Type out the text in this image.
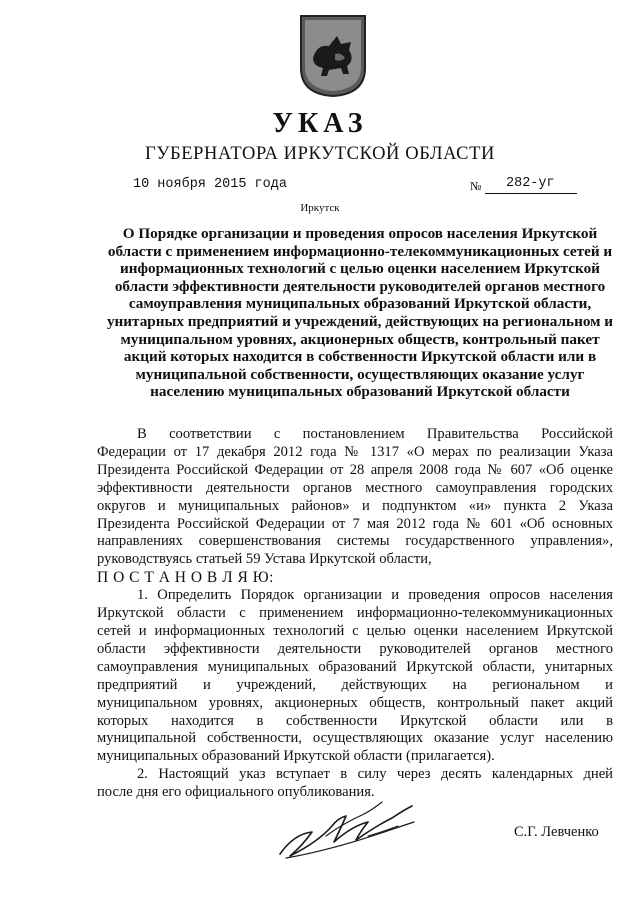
УКАЗ
ГУБЕРНАТОРА ИРКУТСКОЙ ОБЛАСТИ
10 ноября 2015 года	№ 282-уг
Иркутск
О Порядке организации и проведения опросов населения Иркутской
области с применением информационно-телекоммуникационных сетей и
информационных технологий с целью оценки населением Иркутской
области эффективности деятельности руководителей органов местного
самоуправления муниципальных образований Иркутской области,
унитарных предприятий и учреждений, действующих на региональном и
муниципальном уровнях, акционерных обществ, контрольный пакет
акций которых находится в собственности Иркутской области или в
муниципальной собственности, осуществляющих оказание услуг
населению муниципальных образований Иркутской области
В соответствии с постановлением Правительства Российской
Федерации от 17 декабря 2012 года № 1317 «О мерах по реализации Указа
Президента Российской Федерации от 28 апреля 2008 года № 607 «Об оценке
эффективности деятельности органов местного самоуправления городских
округов и муниципальных районов» и подпунктом «и» пункта 2 Указа
Президента Российской Федерации от 7 мая 2012 года № 601 «Об основных
направлениях совершенствования системы государственного управления»,
руководствуясь статьей 59 Устава Иркутской области,
П О С Т А Н О В Л Я Ю:
1. Определить Порядок организации и проведения опросов населения
Иркутской области с применением информационно-телекоммуникационных
сетей и информационных технологий с целью оценки населением Иркутской
области эффективности деятельности руководителей органов местного
самоуправления муниципальных образований Иркутской области, унитарных
предприятий и учреждений, действующих на региональном и
муниципальном уровнях, акционерных обществ, контрольный пакет акций
которых находится в собственности Иркутской области или в
муниципальной собственности, осуществляющих оказание услуг населению
муниципальных образований Иркутской области (прилагается).
2. Настоящий указ вступает в силу через десять календарных дней
после дня его официального опубликования.
С.Г. Левченко
